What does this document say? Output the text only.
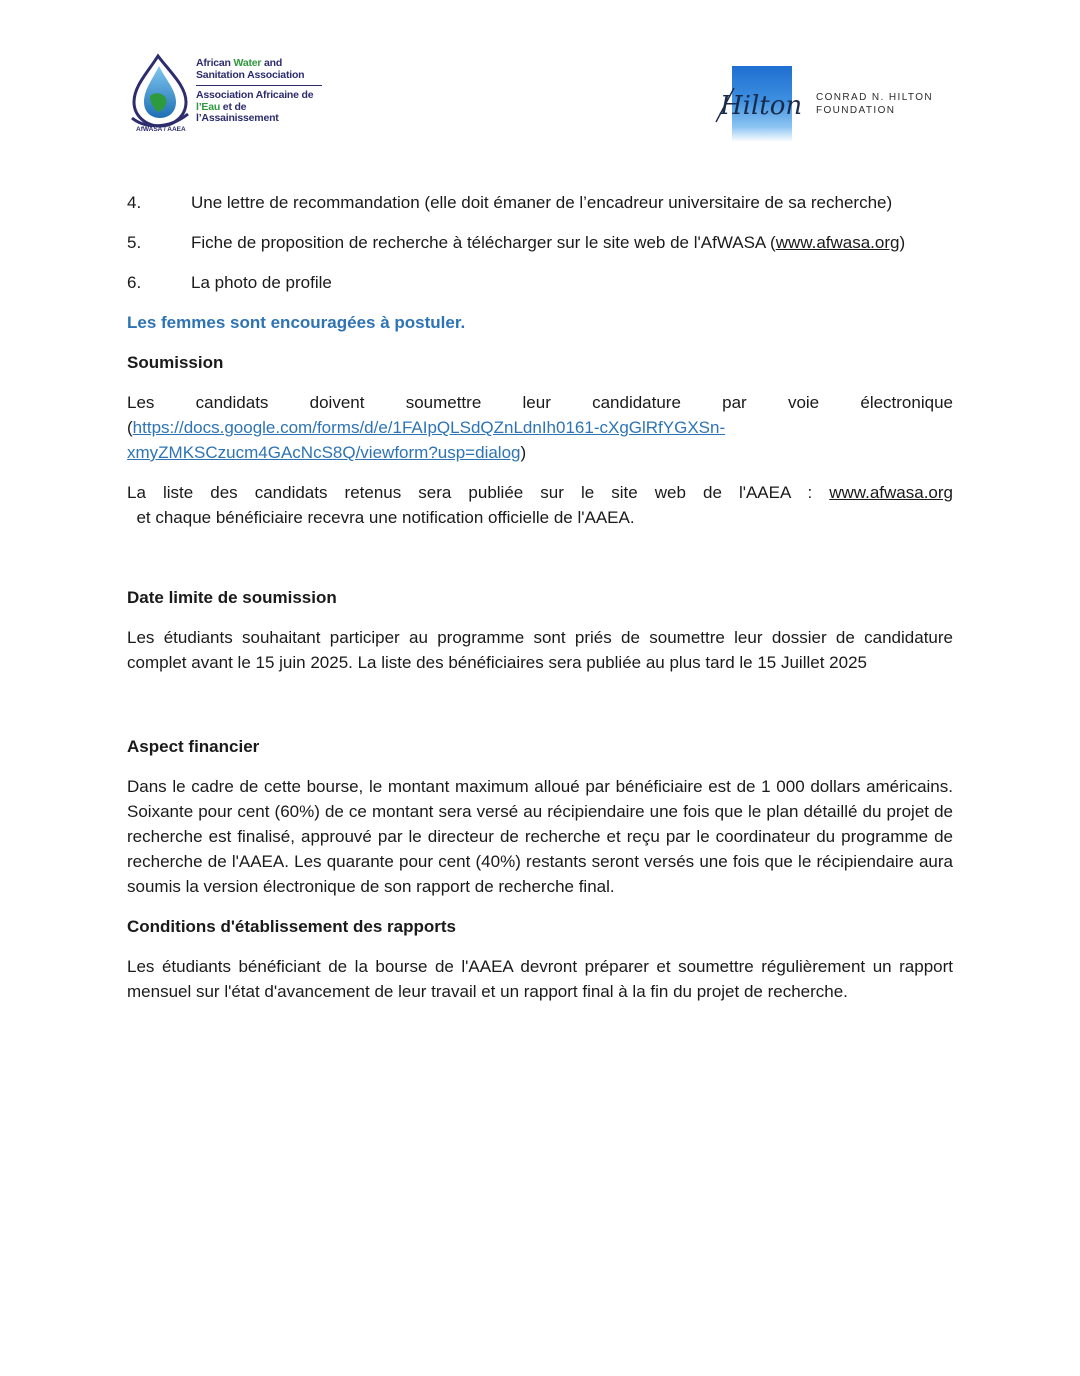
African Water and
Sanitation Association
Association Africaine de
l’Eau et de l’Assainissement
AfWASA / AAEA
Hilton CONRAD N. HILTON
FOUNDATION
4.	Une lettre de recommandation (elle doit émaner de l’encadreur universitaire de sa recherche)
5.	Fiche de proposition de recherche à télécharger sur le site web de l'AfWASA (www.afwasa.org)
6.	La photo de profile
Les femmes sont encouragées à postuler.
Soumission
Les candidats doivent soumettre leur candidature par voie électronique
(https://docs.google.com/forms/d/e/1FAIpQLSdQZnLdnIh0161-cXgGlRfYGXSn-
xmyZMKSCzucm4GAcNcS8Q/viewform?usp=dialog)

La liste des candidats retenus sera publiée sur le site web de l'AAEA : www.afwasa.org  et chaque bénéficiaire recevra une notification officielle de l'AAEA.

Date limite de soumission

Les étudiants souhaitant participer au programme sont priés de soumettre leur dossier de candidature complet avant le 15 juin 2025. La liste des bénéficiaires sera publiée au plus tard le 15 Juillet 2025

Aspect financier

Dans le cadre de cette bourse, le montant maximum alloué par bénéficiaire est de 1 000 dollars américains. Soixante pour cent (60%) de ce montant sera versé au récipiendaire une fois que le plan détaillé du projet de recherche est finalisé, approuvé par le directeur de recherche et reçu par le coordinateur du programme de recherche de l'AAEA. Les quarante pour cent (40%) restants seront versés une fois que le récipiendaire aura soumis la version électronique de son rapport de recherche final.

Conditions d'établissement des rapports

Les étudiants bénéficiant de la bourse de l'AAEA devront préparer et soumettre régulièrement un rapport mensuel sur l'état d'avancement de leur travail et un rapport final à la fin du projet de recherche.
